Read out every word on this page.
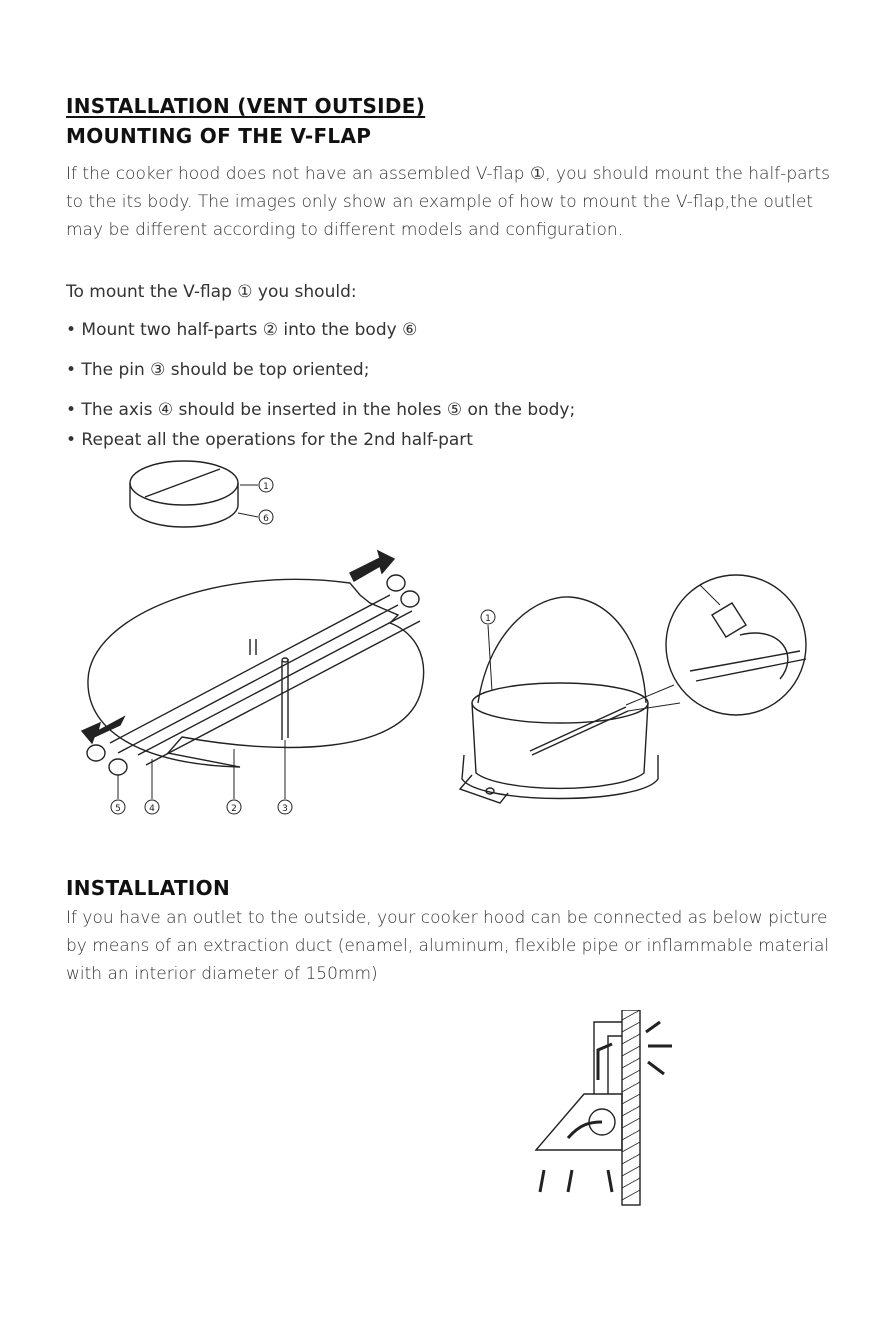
INSTALLATION (VENT OUTSIDE)
MOUNTING OF THE V-FLAP

If the cooker hood does not have an assembled V-flap ①, you should mount the half-parts to the its body. The images only show an example of how to mount the V-flap,the outlet may be different according to different models and configuration.

To mount the V-flap ① you should:
• Mount two half-parts ② into the body ⑥
• The pin ③ should be top oriented;
• The axis ④ should be inserted in the holes ⑤ on the body;
• Repeat all the operations for the 2nd half-part
1
6
5	4	2	3
1
INSTALLATION

If you have an outlet to the outside, your cooker hood can be connected as below picture by means of an extraction duct (enamel, aluminum, flexible pipe or inflammable material with an interior diameter of 150mm)
